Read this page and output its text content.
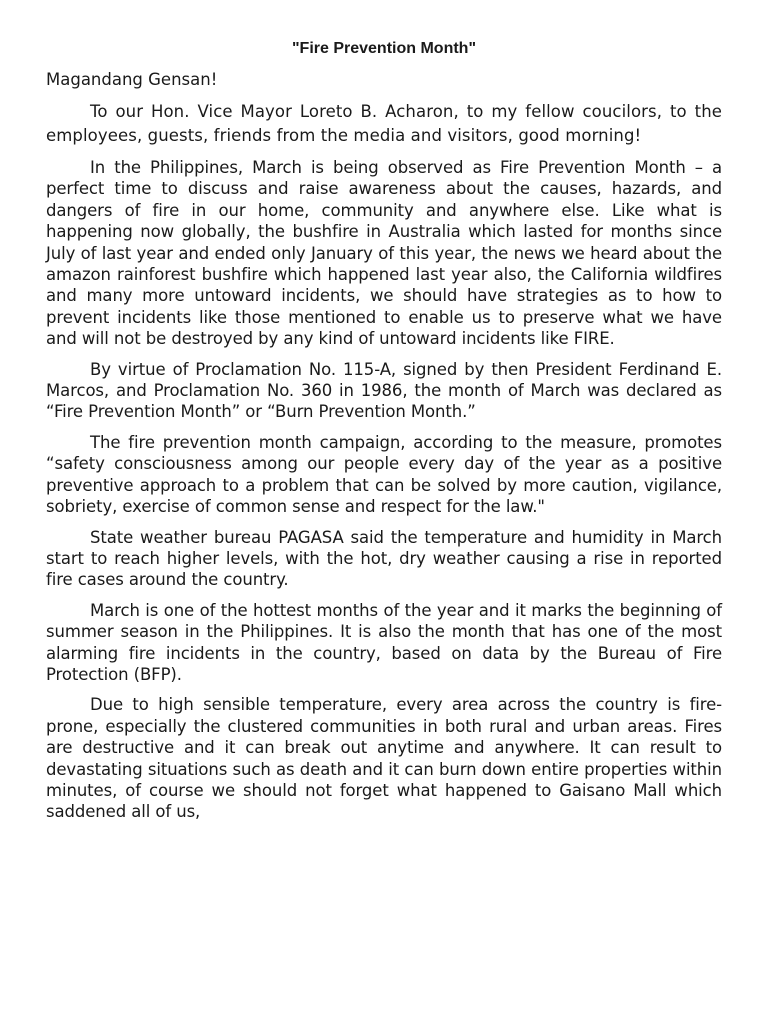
"Fire Prevention Month"
Magandang Gensan!

To our Hon. Vice Mayor Loreto B. Acharon, to my fellow coucilors, to the employees, guests, friends from the media and visitors, good morning!

In the Philippines, March is being observed as Fire Prevention Month – a perfect time to discuss and raise awareness about the causes, hazards, and dangers of fire in our home, community and anywhere else. Like what is happening now globally, the bushfire in Australia which lasted for months since July of last year and ended only January of this year, the news we heard about the amazon rainforest bushfire which happened last year also, the California wildfires and many more untoward incidents, we should have strategies as to how to prevent incidents like those mentioned to enable us to preserve what we have and will not be destroyed by any kind of untoward incidents like FIRE.

By virtue of Proclamation No. 115-A, signed by then President Ferdinand E. Marcos, and Proclamation No. 360 in 1986, the month of March was declared as “Fire Prevention Month” or “Burn Prevention Month.”

The fire prevention month campaign, according to the measure, promotes “safety consciousness among our people every day of the year as a positive preventive approach to a problem that can be solved by more caution, vigilance, sobriety, exercise of common sense and respect for the law."

State weather bureau PAGASA said the temperature and humidity in March start to reach higher levels, with the hot, dry weather causing a rise in reported fire cases around the country.

March is one of the hottest months of the year and it marks the beginning of summer season in the Philippines. It is also the month that has one of the most alarming fire incidents in the country, based on data by the Bureau of Fire Protection (BFP).

Due to high sensible temperature, every area across the country is fire-prone, especially the clustered communities in both rural and urban areas. Fires are destructive and it can break out anytime and anywhere. It can result to devastating situations such as death and it can burn down entire properties within minutes, of course we should not forget what happened to Gaisano Mall which saddened all of us,
